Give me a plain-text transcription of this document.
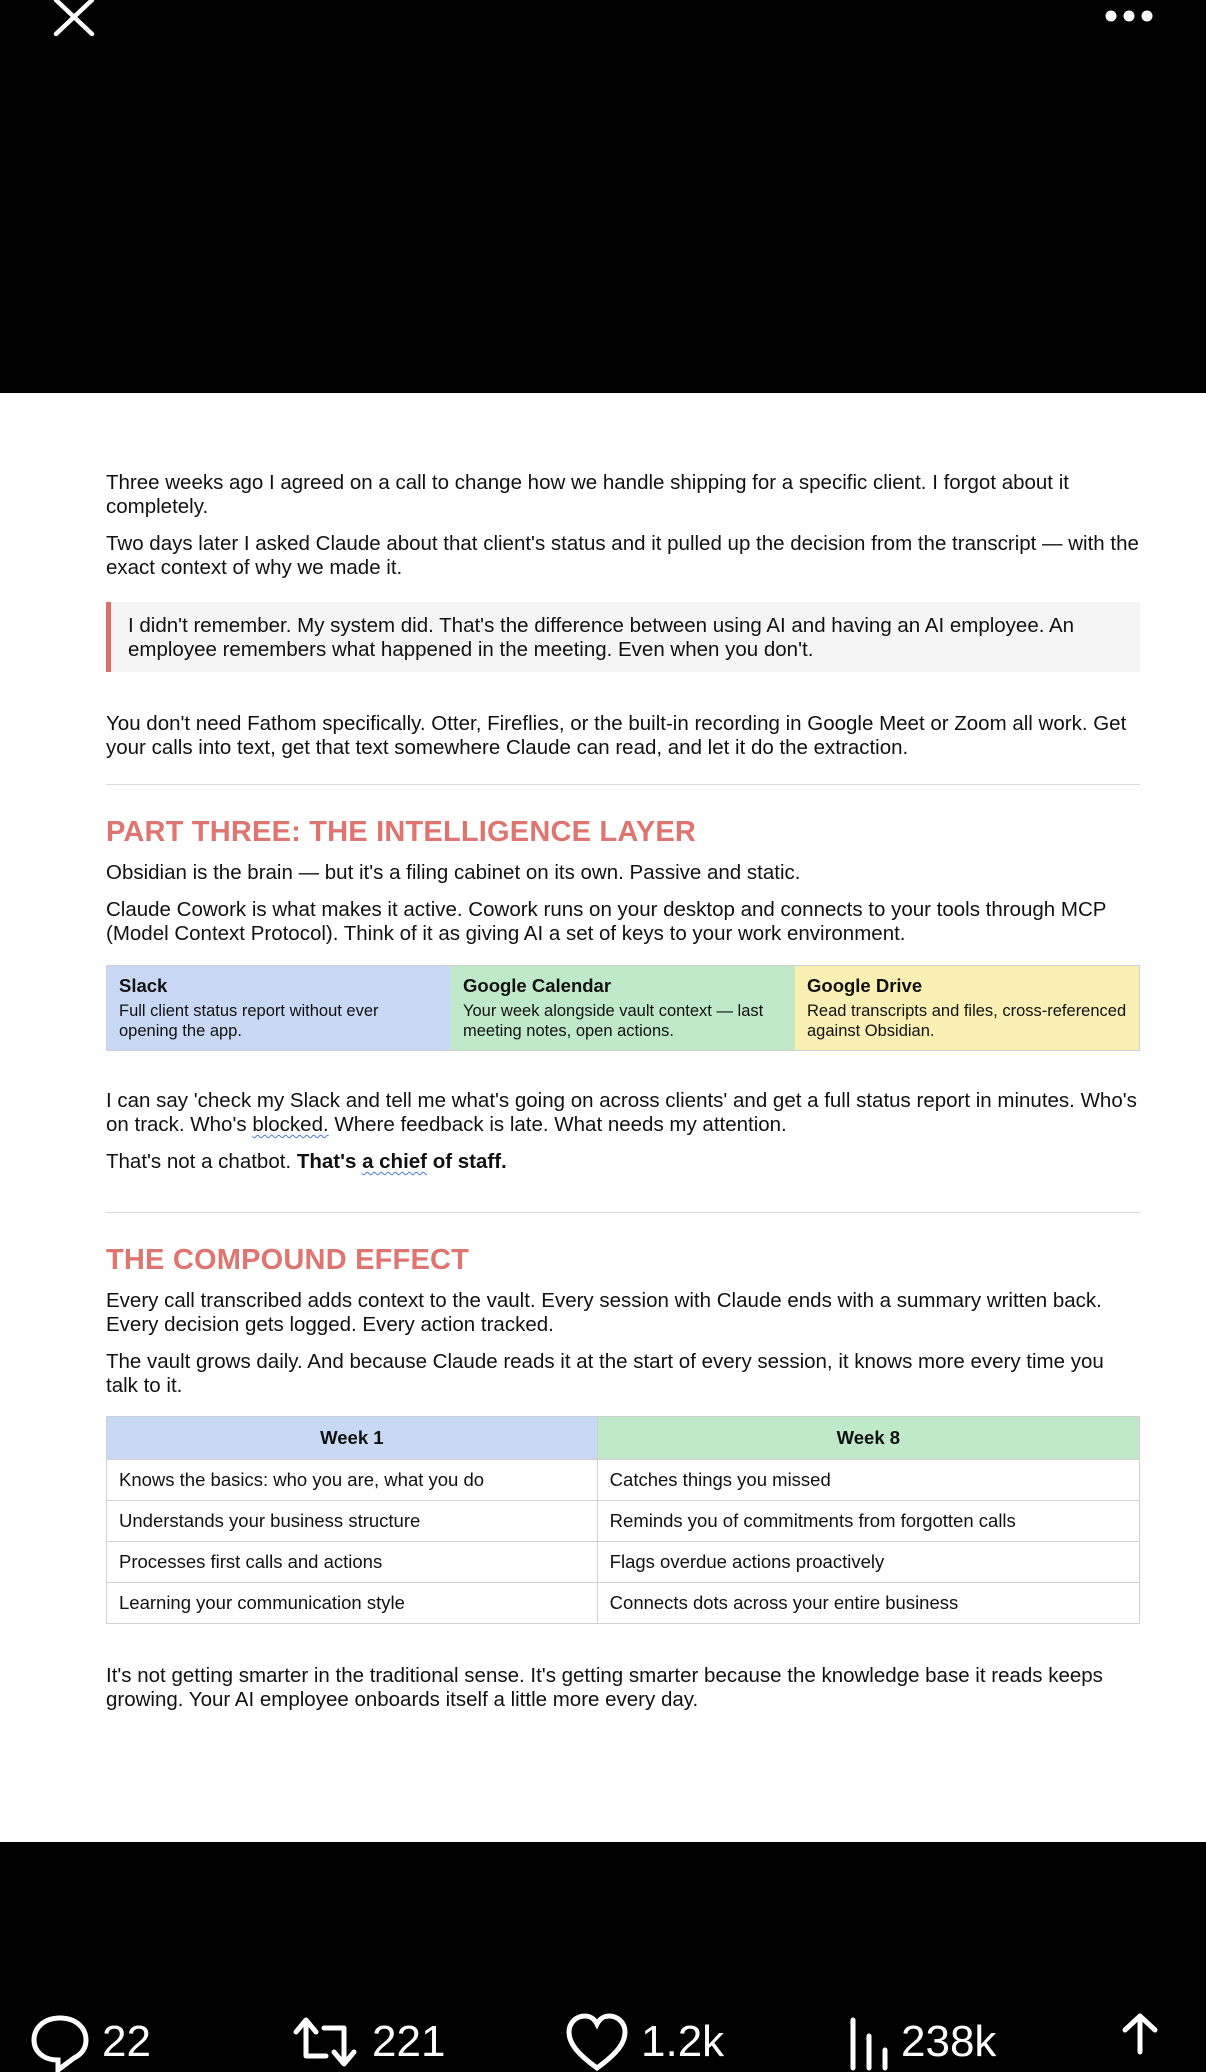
Three weeks ago I agreed on a call to change how we handle shipping for a specific client. I forgot about it completely.

Two days later I asked Claude about that client's status and it pulled up the decision from the transcript — with the exact context of why we made it.

I didn't remember. My system did. That's the difference between using AI and having an AI employee. An employee remembers what happened in the meeting. Even when you don't.

You don't need Fathom specifically. Otter, Fireflies, or the built-in recording in Google Meet or Zoom all work. Get your calls into text, get that text somewhere Claude can read, and let it do the extraction.

PART THREE: THE INTELLIGENCE LAYER

Obsidian is the brain — but it's a filing cabinet on its own. Passive and static.

Claude Cowork is what makes it active. Cowork runs on your desktop and connects to your tools through MCP (Model Context Protocol). Think of it as giving AI a set of keys to your work environment.

Slack
Full client status report without ever opening the app.
Google Calendar
Your week alongside vault context — last meeting notes, open actions.
Google Drive
Read transcripts and files, cross-referenced against Obsidian.

I can say 'check my Slack and tell me what's going on across clients' and get a full status report in minutes. Who's on track. Who's blocked. Where feedback is late. What needs my attention.

That's not a chatbot. That's a chief of staff.

THE COMPOUND EFFECT

Every call transcribed adds context to the vault. Every session with Claude ends with a summary written back. Every decision gets logged. Every action tracked.

The vault grows daily. And because Claude reads it at the start of every session, it knows more every time you talk to it.

Week 1	Week 8
Knows the basics: who you are, what you do	Catches things you missed
Understands your business structure	Reminds you of commitments from forgotten calls
Processes first calls and actions	Flags overdue actions proactively
Learning your communication style	Connects dots across your entire business

It's not getting smarter in the traditional sense. It's getting smarter because the knowledge base it reads keeps growing. Your AI employee onboards itself a little more every day.

22	221	1.2k	238k
